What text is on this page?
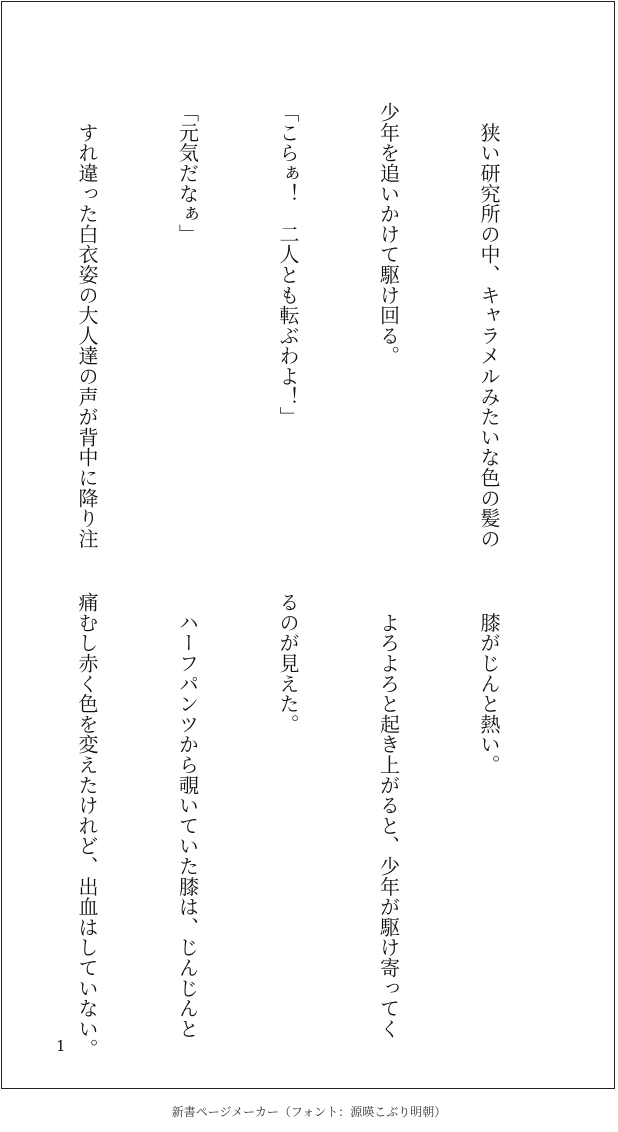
　狭い研究所の中、キャラメルみたいな色の髪の

少年を追いかけて駆け回る。

「こらぁ！　二人とも転ぶわよ！」

「元気だなぁ」

　すれ違った白衣姿の大人達の声が背中に降り注

　膝がじんと熱い。

　よろよろと起き上がると、少年が駆け寄ってく

るのが見えた。

　ハーフパンツから覗いていた膝は、じんじんと

痛むし赤く色を変えたけれど、出血はしていない。

1
新書ページメーカー（フォント：源暎こぶり明朝）
